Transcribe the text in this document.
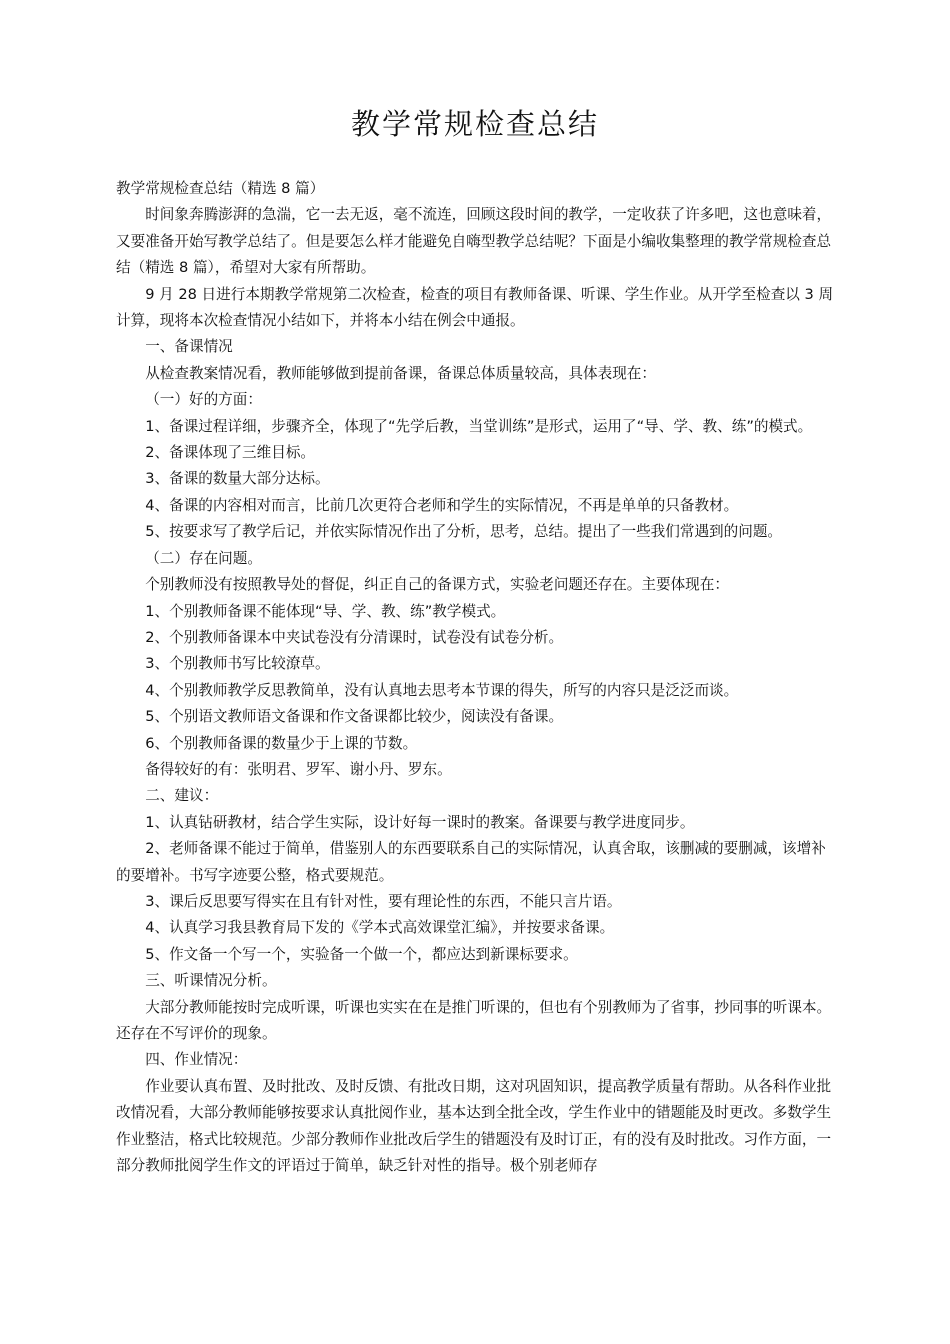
教学常规检查总结

教学常规检查总结（精选 8 篇）

时间象奔腾澎湃的急湍，它一去无返，毫不流连，回顾这段时间的教学，一定收获了许多吧，这也意味着，又要准备开始写教学总结了。但是要怎么样才能避免自嗨型教学总结呢？下面是小编收集整理的教学常规检查总结（精选 8 篇），希望对大家有所帮助。

9 月 28 日进行本期教学常规第二次检查，检查的项目有教师备课、听课、学生作业。从开学至检查以 3 周计算，现将本次检查情况小结如下，并将本小结在例会中通报。

一、备课情况

从检查教案情况看，教师能够做到提前备课，备课总体质量较高，具体表现在：

（一）好的方面：

1、备课过程详细，步骤齐全，体现了“先学后教，当堂训练”是形式，运用了“导、学、教、练”的模式。

2、备课体现了三维目标。

3、备课的数量大部分达标。

4、备课的内容相对而言，比前几次更符合老师和学生的实际情况，不再是单单的只备教材。

5、按要求写了教学后记，并依实际情况作出了分析，思考，总结。提出了一些我们常遇到的问题。

（二）存在问题。

个别教师没有按照教导处的督促，纠正自己的备课方式，实验老问题还存在。主要体现在：

1、个别教师备课不能体现“导、学、教、练”教学模式。

2、个别教师备课本中夹试卷没有分清课时，试卷没有试卷分析。

3、个别教师书写比较潦草。

4、个别教师教学反思教简单，没有认真地去思考本节课的得失，所写的内容只是泛泛而谈。

5、个别语文教师语文备课和作文备课都比较少，阅读没有备课。

6、个别教师备课的数量少于上课的节数。

备得较好的有：张明君、罗军、谢小丹、罗东。

二、建议：

1、认真钻研教材，结合学生实际，设计好每一课时的教案。备课要与教学进度同步。

2、老师备课不能过于简单，借鉴别人的东西要联系自己的实际情况，认真舍取，该删减的要删减，该增补的要增补。书写字迹要公整，格式要规范。

3、课后反思要写得实在且有针对性，要有理论性的东西，不能只言片语。

4、认真学习我县教育局下发的《学本式高效课堂汇编》，并按要求备课。

5、作文备一个写一个，实验备一个做一个，都应达到新课标要求。

三、听课情况分析。

大部分教师能按时完成听课，听课也实实在在是推门听课的，但也有个别教师为了省事，抄同事的听课本。还存在不写评价的现象。

四、作业情况：

作业要认真布置、及时批改、及时反馈、有批改日期，这对巩固知识，提高教学质量有帮助。从各科作业批改情况看，大部分教师能够按要求认真批阅作业，基本达到全批全改，学生作业中的错题能及时更改。多数学生作业整洁，格式比较规范。少部分教师作业批改后学生的错题没有及时订正，有的没有及时批改。习作方面，一部分教师批阅学生作文的评语过于简单，缺乏针对性的指导。极个别老师存
